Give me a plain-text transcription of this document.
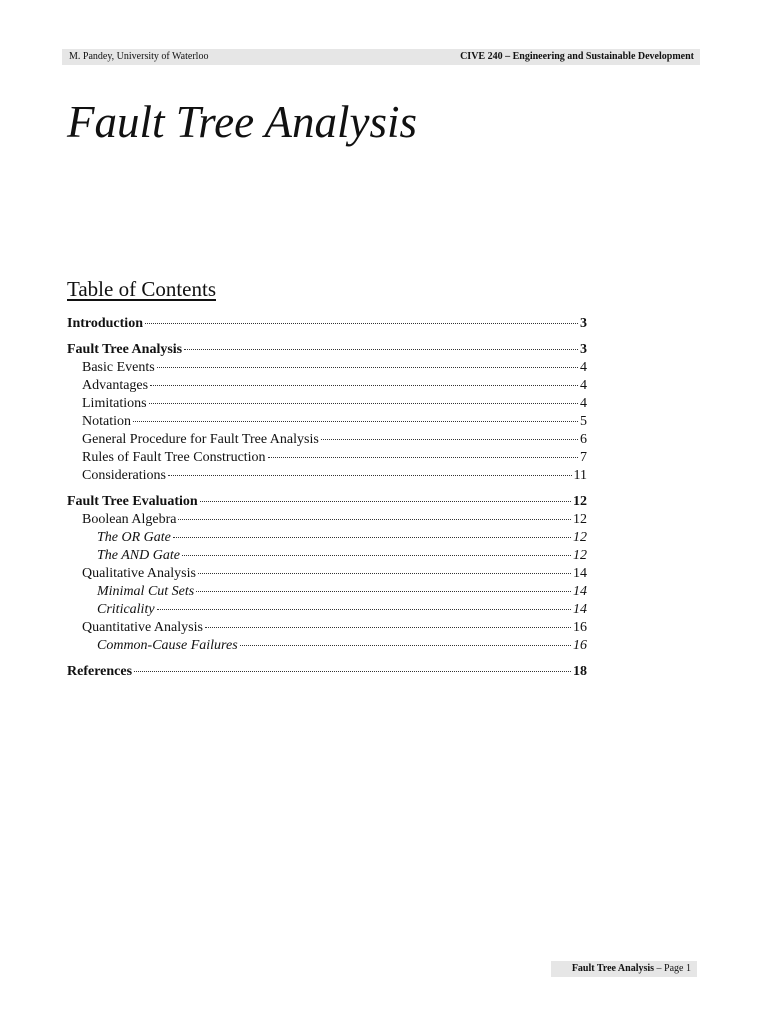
M. Pandey, University of Waterloo	CIVE 240 – Engineering and Sustainable Development
Fault Tree Analysis
Table of Contents
Introduction	3
Fault Tree Analysis	3
Basic Events	4
Advantages	4
Limitations	4
Notation	5
General Procedure for Fault Tree Analysis	6
Rules of Fault Tree Construction	7
Considerations	11
Fault Tree Evaluation	12
Boolean Algebra	12
The OR Gate	12
The AND Gate	12
Qualitative Analysis	14
Minimal Cut Sets	14
Criticality	14
Quantitative Analysis	16
Common-Cause Failures	16
References	18
Fault Tree Analysis – Page 1
